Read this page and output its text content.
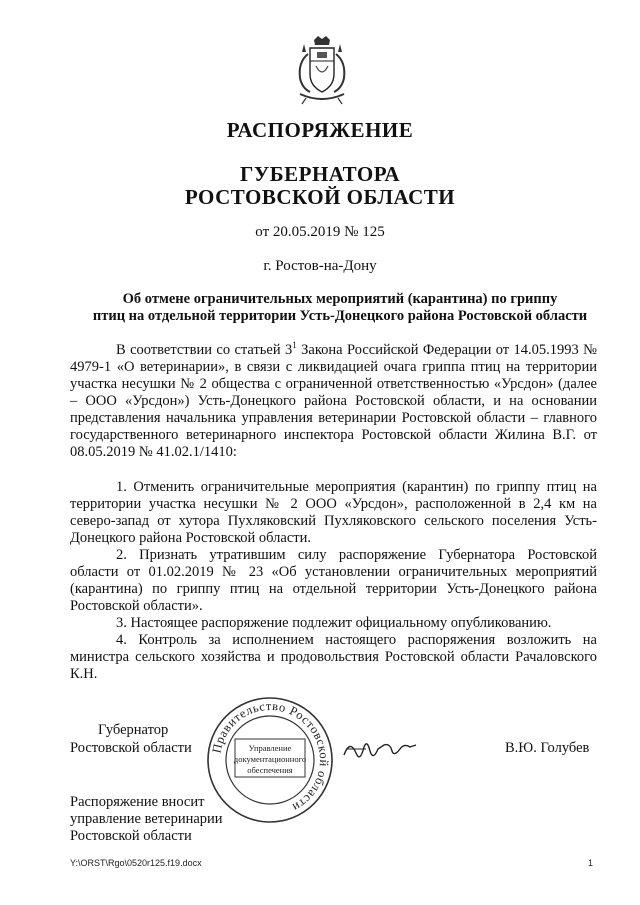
РАСПОРЯЖЕНИЕ
ГУБЕРНАТОРА
РОСТОВСКОЙ ОБЛАСТИ
от 20.05.2019 № 125
г. Ростов-на-Дону
Об отмене ограничительных мероприятий (карантина) по гриппу
птиц на отдельной территории Усть-Донецкого района Ростовской области

В соответствии со статьей $3^1$ Закона Российской Федерации от 14.05.1993 № 4979-1 «О ветеринарии», в связи с ликвидацией очага гриппа птиц на территории участка несушки № 2 общества с ограниченной ответственностью «Урсдон» (далее – ООО «Урсдон») Усть-Донецкого района Ростовской области, и на основании представления начальника управления ветеринарии Ростовской области – главного государственного ветеринарного инспектора Ростовской области Жилина В.Г. от 08.05.2019 № 41.02.1/1410:

1. Отменить ограничительные мероприятия (карантин) по гриппу птиц на территории участка несушки № 2 ООО «Урсдон», расположенной в 2,4 км на северо-запад от хутора Пухляковский Пухляковского сельского поселения Усть-Донецкого района Ростовской области.

2. Признать утратившим силу распоряжение Губернатора Ростовской области от 01.02.2019 № 23 «Об установлении ограничительных мероприятий (карантина) по гриппу птиц на отдельной территории Усть-Донецкого района Ростовской области».

3. Настоящее распоряжение подлежит официальному опубликованию.

4. Контроль за исполнением настоящего распоряжения возложить на министра сельского хозяйства и продовольствия Ростовской области Рачаловского К.Н.

Губернатор
Ростовской области	В.Ю. Голубев
Правительство Ростовской области
Управление
документационного
обеспечения
Распоряжение вносит
управление ветеринарии
Ростовской области
Y:\ORST\Rgo\0520r125.f19.docx	1
